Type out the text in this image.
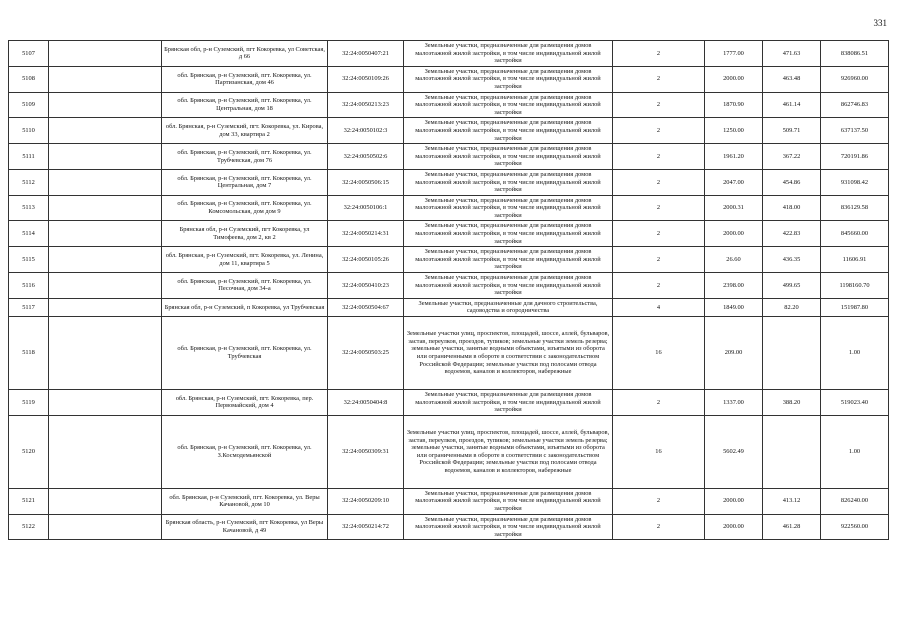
331
5107		Брянская обл, р-н Суземский, пгт Кокоревка, ул Советская, д 66	32:24:0050407:21	Земельные участки, предназначенные для размещения домов малоэтажной жилой застройки, в том числе индивидуальной жилой застройки	2	1777.00	471.63	838086.51
5108		обл. Брянская, р-н Суземский, пгт. Кокоревка, ул. Партизанская, дом 46	32:24:0050109:26	Земельные участки, предназначенные для размещения домов малоэтажной жилой застройки, в том числе индивидуальной жилой застройки	2	2000.00	463.48	926960.00
5109		обл. Брянская, р-н Суземский, пгт. Кокоревка, ул. Центральная, дом 18	32:24:0050213:23	Земельные участки, предназначенные для размещения домов малоэтажной жилой застройки, в том числе индивидуальной жилой застройки	2	1870.90	461.14	862746.83
5110		обл. Брянская, р-н Суземский, пгт. Кокоревка, ул. Кирова, дом 33, квартира 2	32:24:0050102:3	Земельные участки, предназначенные для размещения домов малоэтажной жилой застройки, в том числе индивидуальной жилой застройки	2	1250.00	509.71	637137.50
5111		обл. Брянская, р-н Суземский, пгт. Кокоревка, ул. Трубчевская, дом 76	32:24:0050502:6	Земельные участки, предназначенные для размещения домов малоэтажной жилой застройки, в том числе индивидуальной жилой застройки	2	1961.20	367.22	720191.86
5112		обл. Брянская, р-н Суземский, пгт. Кокоревка, ул. Центральная, дом 7	32:24:0050506:15	Земельные участки, предназначенные для размещения домов малоэтажной жилой застройки, в том числе индивидуальной жилой застройки	2	2047.00	454.86	931098.42
5113		обл. Брянская, р-н Суземский, пгт. Кокоревка, ул. Комсомольская, дом дом 9	32:24:0050106:1	Земельные участки, предназначенные для размещения домов малоэтажной жилой застройки, в том числе индивидуальной жилой застройки	2	2000.31	418.00	836129.58
5114		Брянская обл, р-н Суземский, пгт Кокоревка, ул Тимофеева, дом 2, кв 2	32:24:0050214:31	Земельные участки, предназначенные для размещения домов малоэтажной жилой застройки, в том числе индивидуальной жилой застройки	2	2000.00	422.83	845660.00
5115		обл. Брянская, р-н Суземский, пгт. Кокоревка, ул. Ленина, дом 11, квартира 5	32:24:0050105:26	Земельные участки, предназначенные для размещения домов малоэтажной жилой застройки, в том числе индивидуальной жилой застройки	2	26.60	436.35	11606.91
5116		обл. Брянская, р-н Суземский, пгт. Кокоревка, ул. Песочная, дом 34-а	32:24:0050410:23	Земельные участки, предназначенные для размещения домов малоэтажной жилой застройки, в том числе индивидуальной жилой застройки	2	2398.00	499.65	1198160.70
5117		Брянская обл, р-н Суземский, п Кокоревка, ул Трубчевская	32:24:0050504:67	Земельные участки, предназначенные для дачного строительства, садоводства и огородничества	4	1849.00	82.20	151987.80
5118		обл. Брянская, р-н Суземский, пгт. Кокоревка, ул. Трубчевская	32:24:0050503:25	Земельные участки улиц, проспектов, площадей, шоссе, аллей, бульваров, застав, переулков, проездов, тупиков; земельные участки земель резерва; земельные участки, занятые водными объектами, изъятыми из оборота или ограниченными в обороте в соответствии с законодательством Российской Федерации; земельные участки под полосами отвода водоемов, каналов и коллекторов, набережные	16	209.00		1.00
5119		обл. Брянская, р-н Суземский, пгт. Кокоревка, пер. Первомайский, дом 4	32:24:0050404:8	Земельные участки, предназначенные для размещения домов малоэтажной жилой застройки, в том числе индивидуальной жилой застройки	2	1337.00	388.20	519023.40
5120		обл. Брянская, р-н Суземский, пгт. Кокоревка, ул. З.Космодемьянской	32:24:0050309:31	Земельные участки улиц, проспектов, площадей, шоссе, аллей, бульваров, застав, переулков, проездов, тупиков; земельные участки земель резерва; земельные участки, занятые водными объектами, изъятыми из оборота или ограниченными в обороте в соответствии с законодательством Российской Федерации; земельные участки под полосами отвода водоемов, каналов и коллекторов, набережные	16	5602.49		1.00
5121		обл. Брянская, р-н Суземский, пгт. Кокоревка, ул. Веры Качановой, дом 10	32:24:0050209:10	Земельные участки, предназначенные для размещения домов малоэтажной жилой застройки, в том числе индивидуальной жилой застройки	2	2000.00	413.12	826240.00
5122		Брянская область, р-н Суземский, пгт Кокоревка, ул Веры Качановой, д 49	32:24:0050214:72	Земельные участки, предназначенные для размещения домов малоэтажной жилой застройки, в том числе индивидуальной жилой застройки	2	2000.00	461.28	922560.00
